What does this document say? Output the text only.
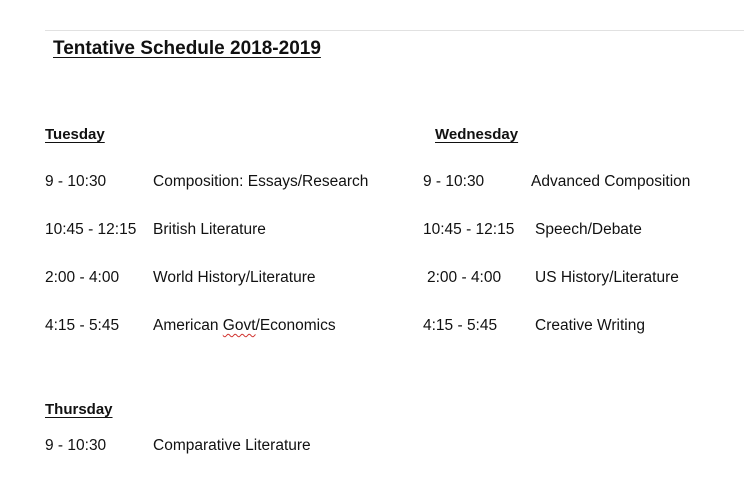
Tentative Schedule 2018-2019
Tuesday
9 - 10:30	Composition: Essays/Research
10:45 - 12:15 British Literature
2:00 - 4:00 World History/Literature
4:15 - 5:45 American Govt/Economics
Wednesday
9 - 10:30	Advanced Composition
10:45 - 12:15 Speech/Debate
2:00 - 4:00 US History/Literature
4:15 - 5:45 Creative Writing
Thursday
9 - 10:30	Comparative Literature
